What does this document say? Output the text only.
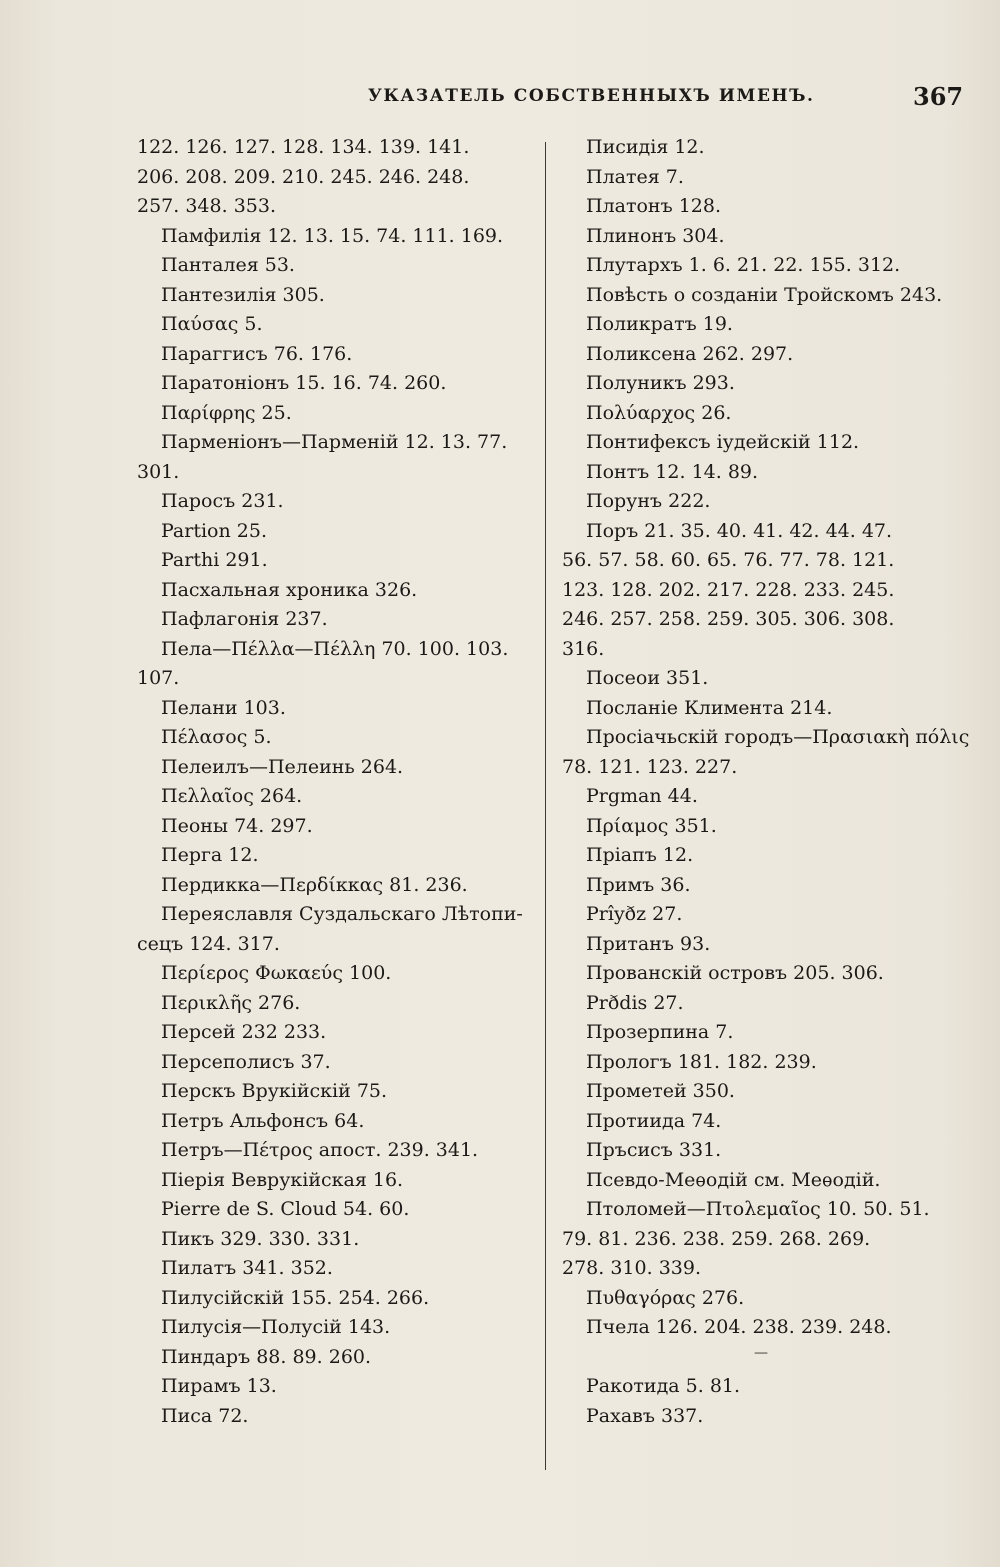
УКАЗАТЕЛЬ СОБСТВЕННЫХЪ ИМЕНЪ.	367
122. 126. 127. 128. 134. 139. 141.
206. 208. 209. 210. 245. 246. 248.
257. 348. 353.
Памфилія 12. 13. 15. 74. 111. 169.
Панталея 53.
Пантезилія 305.
Παύσας 5.
Параггисъ 76. 176.
Паратоніонъ 15. 16. 74. 260.
Παρίφρης 25.
Парменіонъ—Парменій 12. 13. 77.
301.
Паросъ 231.
Partion 25.
Parthi 291.
Пасхальная хроника 326.
Пафлагонія 237.
Пела—Πέλλα—Πέλλη 70. 100. 103.
107.
Пелани 103.
Πέλασος 5.
Пелеилъ—Пелеинь 264.
Πελλαῖος 264.
Пеоны 74. 297.
Перга 12.
Пердикка—Περδίκκας 81. 236.
Переяславля Суздальскаго Лѣтопи-
сецъ 124. 317.
Περίερος Φωκαεύς 100.
Περικλῆς 276.
Персей 232 233.
Персеполисъ 37.
Перскъ Врукійскій 75.
Петръ Альфонсъ 64.
Петръ—Πέτρος апост. 239. 341.
Піерія Веврукійская 16.
Pierre de S. Cloud 54. 60.
Пикъ 329. 330. 331.
Пилатъ 341. 352.
Пилусійскій 155. 254. 266.
Пилусія—Полусій 143.
Пиндаръ 88. 89. 260.
Пирамъ 13.
Писа 72.
Писидія 12.
Платея 7.
Платонъ 128.
Плинонъ 304.
Плутархъ 1. 6. 21. 22. 155. 312.
Повѣсть о созданіи Тройскомъ 243.
Поликратъ 19.
Поликсена 262. 297.
Полуникъ 293.
Πολύαρχος 26.
Понтифексъ іудейскій 112.
Понтъ 12. 14. 89.
Порунъ 222.
Поръ 21. 35. 40. 41. 42. 44. 47.
56. 57. 58. 60. 65. 76. 77. 78. 121.
123. 128. 202. 217. 228. 233. 245.
246. 257. 258. 259. 305. 306. 308.
316.
Посеои 351.
Посланіе Климента 214.
Просіачьскій городъ—Πρασιακὴ πόλις
78. 121. 123. 227.
Prgman 44.
Πρίαμος 351.
Пріапъ 12.
Примъ 36.
Prîyðz 27.
Пританъ 93.
Прованскій островъ 205. 306.
Prðdis 27.
Прозерпина 7.
Прологъ 181. 182. 239.
Прометей 350.
Протиида 74.
Пръсисъ 331.
Псевдо-Меѳодій см. Меѳодій.
Птоломей—Πτολεμαῖος 10. 50. 51.
79. 81. 236. 238. 259. 268. 269.
278. 310. 339.
Πυθαγόρας 276.
Пчела 126. 204. 238. 239. 248.
—
Ракотида 5. 81.
Рахавъ 337.
